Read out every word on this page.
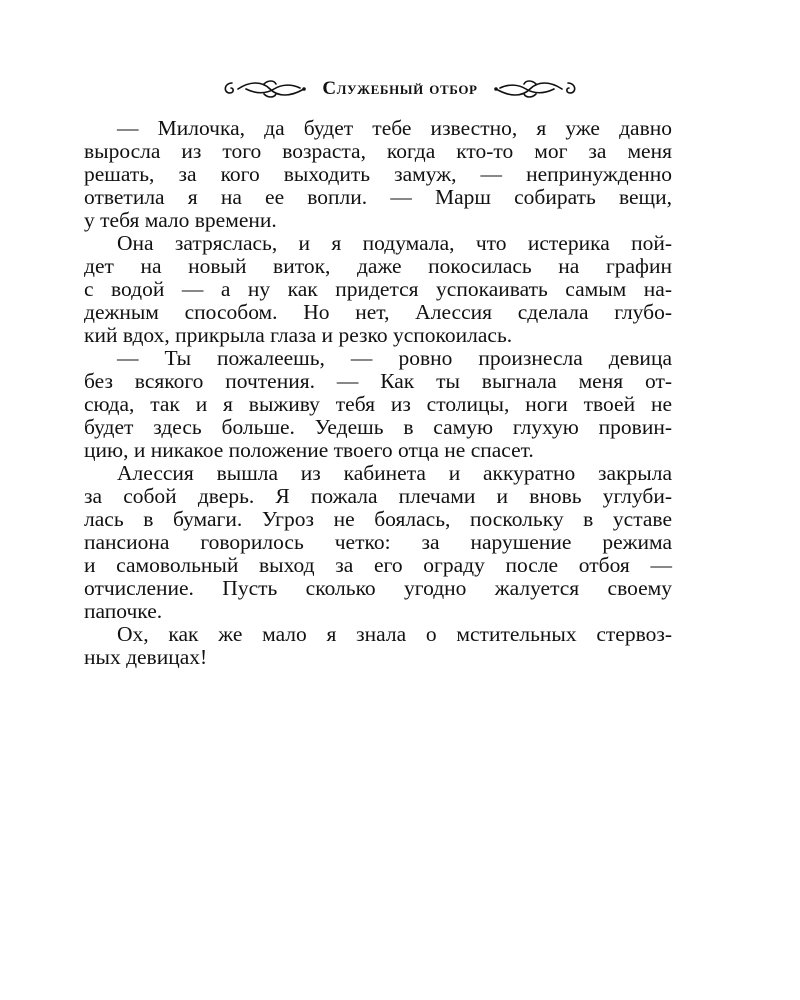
Служебный отбор
— Милочка, да будет тебе известно, я уже давно
выросла из того возраста, когда кто-то мог за меня
решать, за кого выходить замуж, — непринужденно
ответила я на ее вопли. — Марш собирать вещи,
у тебя мало времени.
Она затряслась, и я подумала, что истерика пой-
дет на новый виток, даже покосилась на графин
с водой — а ну как придется успокаивать самым на-
дежным способом. Но нет, Алессия сделала глубо-
кий вдох, прикрыла глаза и резко успокоилась.
— Ты пожалеешь, — ровно произнесла девица
без всякого почтения. — Как ты выгнала меня от-
сюда, так и я выживу тебя из столицы, ноги твоей не
будет здесь больше. Уедешь в самую глухую провин-
цию, и никакое положение твоего отца не спасет.
Алессия вышла из кабинета и аккуратно закрыла
за собой дверь. Я пожала плечами и вновь углуби-
лась в бумаги. Угроз не боялась, поскольку в уставе
пансиона говорилось четко: за нарушение режима
и самовольный выход за его ограду после отбоя —
отчисление. Пусть сколько угодно жалуется своему
папочке.
Ох, как же мало я знала о мстительных стервоз-
ных девицах!
